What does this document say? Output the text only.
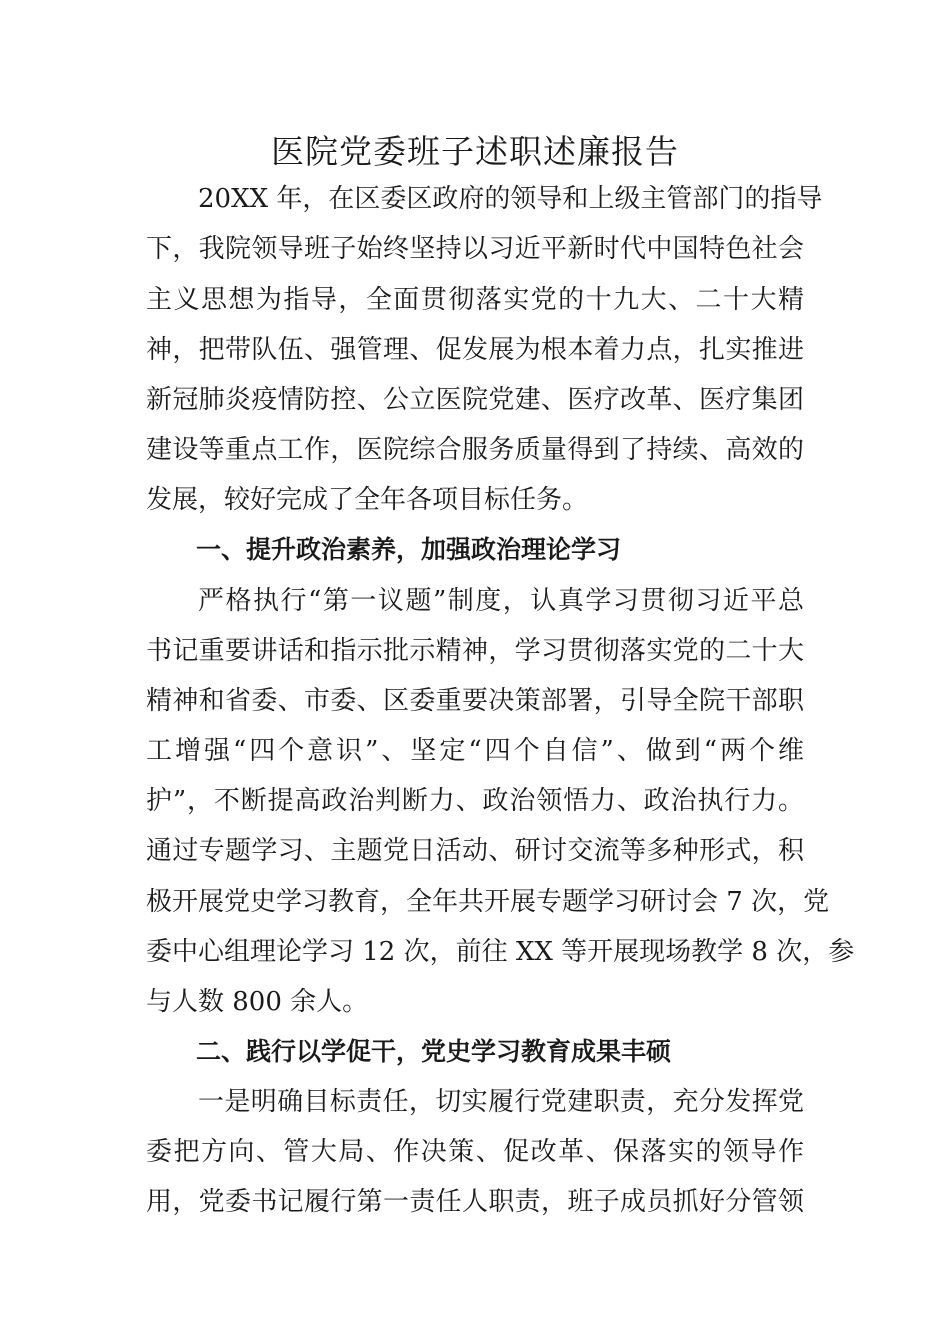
医院党委班子述职述廉报告
20XX 年，在区委区政府的领导和上级主管部门的指导
下，我院领导班子始终坚持以习近平新时代中国特色社会
主义思想为指导，全面贯彻落实党的十九大、二十大精
神，把带队伍、强管理、促发展为根本着力点，扎实推进
新冠肺炎疫情防控、公立医院党建、医疗改革、医疗集团
建设等重点工作，医院综合服务质量得到了持续、高效的
发展，较好完成了全年各项目标任务。
一、提升政治素养，加强政治理论学习
严格执行“第一议题”制度，认真学习贯彻习近平总
书记重要讲话和指示批示精神，学习贯彻落实党的二十大
精神和省委、市委、区委重要决策部署，引导全院干部职
工增强“四个意识”、坚定“四个自信”、做到“两个维
护”，不断提高政治判断力、政治领悟力、政治执行力。
通过专题学习、主题党日活动、研讨交流等多种形式，积
极开展党史学习教育，全年共开展专题学习研讨会 7 次，党
委中心组理论学习 12 次，前往 XX 等开展现场教学 8 次，参
与人数 800 余人。
二、践行以学促干，党史学习教育成果丰硕
一是明确目标责任，切实履行党建职责，充分发挥党
委把方向、管大局、作决策、促改革、保落实的领导作
用，党委书记履行第一责任人职责，班子成员抓好分管领
